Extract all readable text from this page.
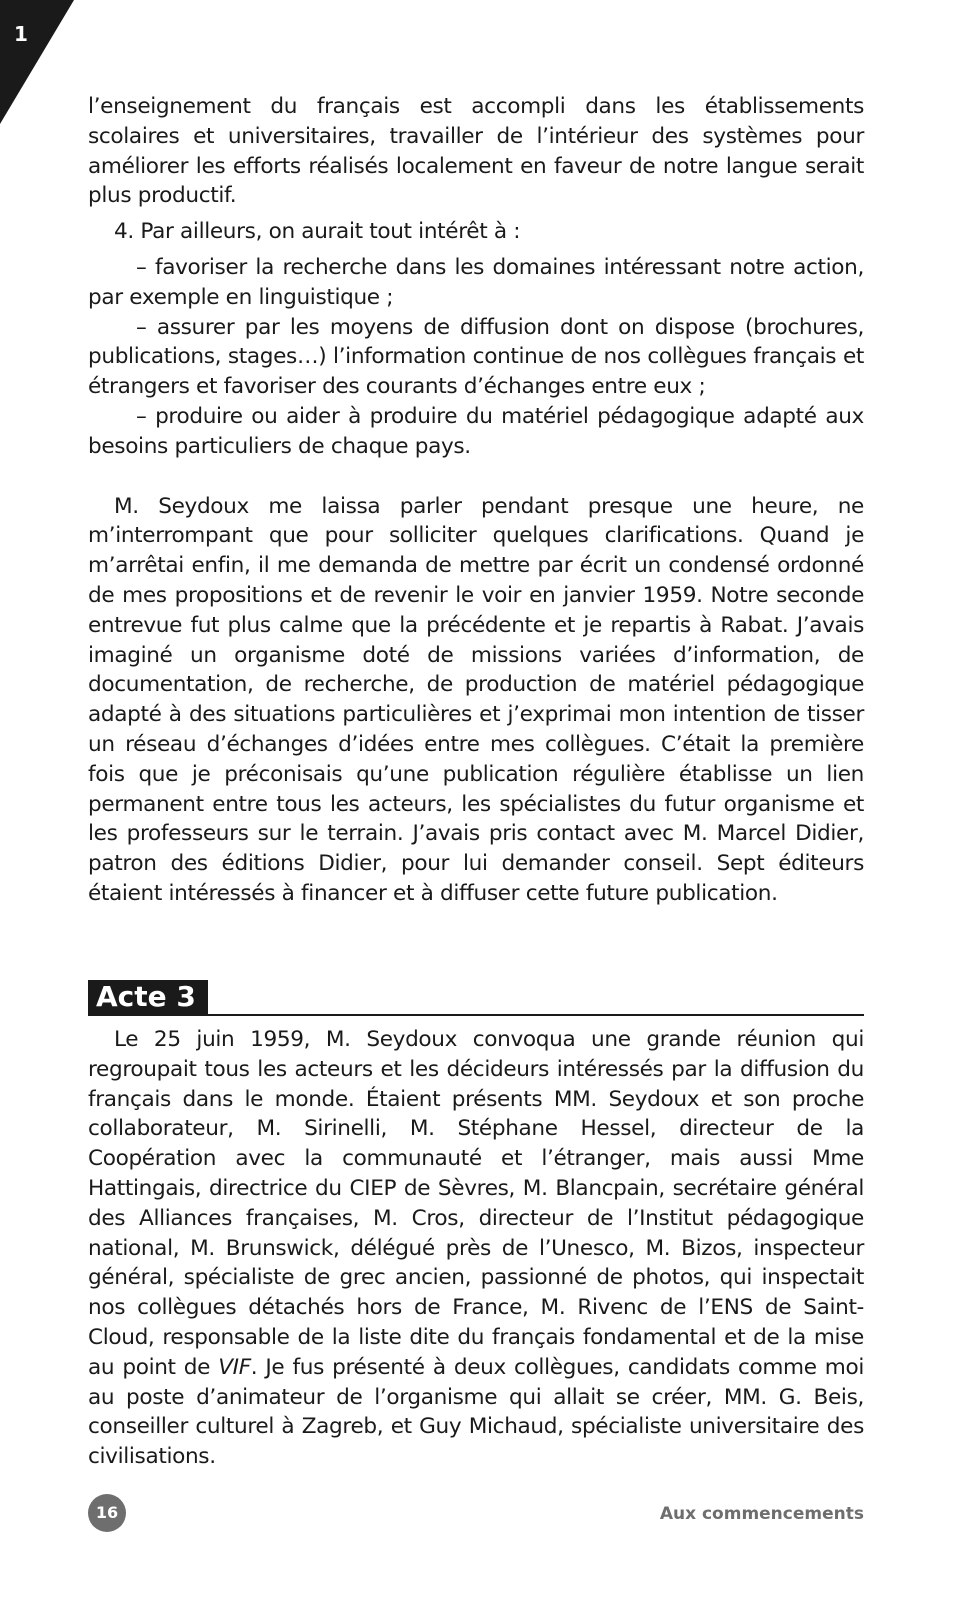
1

l’enseignement du français est accompli dans les établissements scolaires et universitaires, travailler de l’intérieur des systèmes pour améliorer les efforts réalisés localement en faveur de notre langue serait plus productif.

4. Par ailleurs, on aurait tout intérêt à :

– favoriser la recherche dans les domaines intéressant notre action, par exemple en linguistique ;
– assurer par les moyens de diffusion dont on dispose (brochures, publications, stages…) l’information continue de nos collègues français et étrangers et favoriser des courants d’échanges entre eux ;
– produire ou aider à produire du matériel pédagogique adapté aux besoins particuliers de chaque pays.

M. Seydoux me laissa parler pendant presque une heure, ne m’interrompant que pour solliciter quelques clarifications. Quand je m’arrêtai enfin, il me demanda de mettre par écrit un condensé ordonné de mes propositions et de revenir le voir en janvier 1959. Notre seconde entrevue fut plus calme que la précédente et je repartis à Rabat. J’avais imaginé un organisme doté de missions variées d’information, de documentation, de recherche, de production de matériel pédagogique adapté à des situations particulières et j’exprimai mon intention de tisser un réseau d’échanges d’idées entre mes collègues. C’était la première fois que je préconisais qu’une publication régulière établisse un lien permanent entre tous les acteurs, les spécialistes du futur organisme et les professeurs sur le terrain. J’avais pris contact avec M. Marcel Didier, patron des éditions Didier, pour lui demander conseil. Sept éditeurs étaient intéressés à financer et à diffuser cette future publication.

Acte 3

Le 25 juin 1959, M. Seydoux convoqua une grande réunion qui regroupait tous les acteurs et les décideurs intéressés par la diffusion du français dans le monde. Étaient présents MM. Seydoux et son proche collaborateur, M. Sirinelli, M. Stéphane Hessel, directeur de la Coopération avec la communauté et l’étranger, mais aussi Mme Hattingais, directrice du CIEP de Sèvres, M. Blancpain, secrétaire général des Alliances françaises, M. Cros, directeur de l’Institut pédagogique national, M. Brunswick, délégué près de l’Unesco, M. Bizos, inspecteur général, spécialiste de grec ancien, passionné de photos, qui inspectait nos collègues détachés hors de France, M. Rivenc de l’ENS de Saint-Cloud, responsable de la liste dite du français fondamental et de la mise au point de VIF. Je fus présenté à deux collègues, candidats comme moi au poste d’animateur de l’organisme qui allait se créer, MM. G. Beis, conseiller culturel à Zagreb, et Guy Michaud, spécialiste universitaire des civilisations.

16	Aux commencements
